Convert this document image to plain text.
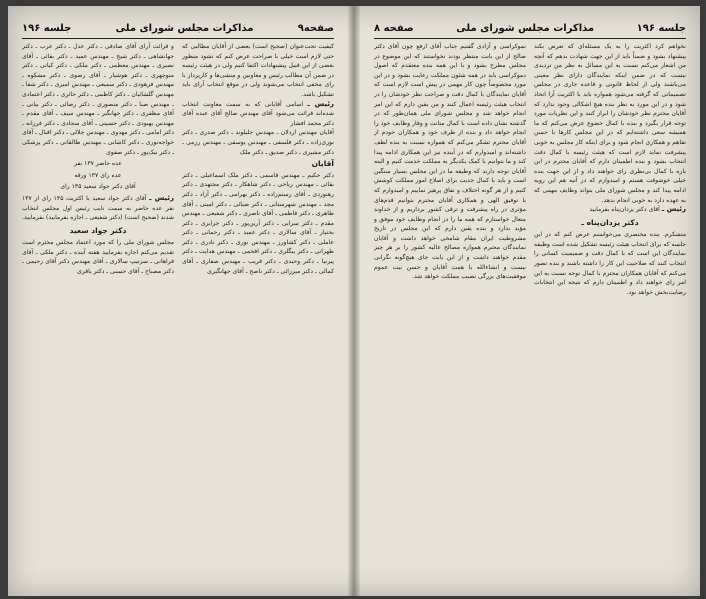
صفحه۹
مذاکرات مجلس شورای ملی
جلسه ۱۹۶

کیفیت تحت‌عنوان (صحیح است) بعضی از آقایان مطالبی که حتی لازم است خیلی با صراحت عرض کنم که نشود منظور بعضی از این قبیل پیشنهادات اکتفا کنیم ولی در هیئت رئیسه در ضمن آن مطالب رئیس و معاونین و منشی‌ها و کارپرداز با رای مخفی انتخاب می‌شوند ولی در موقع انتخاب آرای باید تشکیل باشد.

رئیس ـ اسامی آقایانی که به سمت معاونت انتخاب شده‌اند قرائت می‌شود آقای مهندس صالح آقای عبده آقای دکتر محمد افشار

آقایان مهندس اردلان ـ مهندس جلیلوند ـ دکتر صدری ـ دکتر نوری‌زاده ـ دکتر فلسفی ـ مهندس یوسفی ـ مهندس رزمی ـ دکتر مشیری ـ دکتر صدیق ـ دکتر ملک

آقایان

دکتر حکیم ـ مهندس قاسمی ـ دکتر ملک اسماعیلی ـ دکتر بقائی ـ مهندس ریاحی ـ دکتر شاهکار ـ دکتر مجتهدی ـ دکتر رهنوردی ـ آقای رستم‌زاده ـ دکتر بهرامی ـ دکتر آزاد ـ دکتر مجد ـ مهندس شهرستانی ـ دکتر ضیائی ـ دکتر امینی ـ آقای طاهری ـ دکتر فاطمی ـ آقای ناصری ـ دکتر شفیعی ـ مهندس مقدم ـ دکتر سرابی ـ دکتر آرین‌پور ـ دکتر جزایری ـ دکتر بختیار ـ آقای سالاری ـ دکتر عمید ـ دکتر رحمانی ـ دکتر عاملی ـ دکتر کشاورز ـ مهندس نوری ـ دکتر نادری ـ دکتر طهرانی ـ دکتر بیگلری ـ دکتر افخمی ـ مهندس هدایت ـ دکتر پیرنیا ـ دکتر وحیدی ـ دکتر قریب ـ مهندس صفاری ـ آقای کمالی ـ دکتر میرزائی ـ دکتر ناصح ـ آقای جهانگیری

و قرائت آرای آقای صادقی ـ دکتر عدل ـ دکتر عرب ـ دکتر جهانشاهی ـ دکتر شیخ ـ مهندس عمید ـ دکتر بقائی ـ آقای نصیری ـ مهندس معظمی ـ دکتر ملکی ـ دکتر کیانی ـ دکتر منوچهری ـ دکتر هوشیار ـ آقای رضوی ـ دکتر مشکوه ـ مهندس فرهودی ـ دکتر سمیعی ـ مهندس امیری ـ دکتر شفا ـ مهندس گلشائیان ـ دکتر کاظمی ـ دکتر حائری ـ دکتر اعتمادی ـ مهندس صبا ـ دکتر منصوری ـ دکتر رضائی ـ دکتر بیانی ـ آقای مظفری ـ دکتر جهانگیر ـ مهندس سیف ـ آقای مقدم ـ مهندس بهبودی ـ دکتر حسینی ـ آقای سجادی ـ دکتر فرزانه ـ دکتر امامی ـ دکتر مهدوی ـ مهندس جلالی ـ دکتر اقبال ـ آقای خواجه‌نوری ـ دکتر کاشانی ـ مهندس طالقانی ـ دکتر پزشکی ـ دکتر نیک‌پور ـ دکتر صفوی

عده حاضر ۱۳۷ نفر
عده رای ۱۳۷ ورقه
آقای دکتر جواد سعید ۱۳۵ رای

رئیس ـ آقای دکتر جواد سعید با اکثریت ۱۳۵ رای از ۱۳۷ نفر عده حاضر به سمت نایب رئیس اول مجلس انتخاب شدند (صحیح است) (دکتر شفیعی ـ اجازه بفرمایید) بفرمایید.

دکتر جواد سعید

مجلس شورای ملی را که مورد اعتماد مجلس محترم است تقدیم می‌کنم اجازه بفرمایید هفته آینده ـ دکتر ملکی ـ آقای فراهانی ـ سرتیپ سالاری ـ آقای مهندس دکتر آقای رحیمی ـ دکتر مصباح ـ آقای حسنی ـ دکتر باقری

جلسه ۱۹۶
مذاکرات مجلس شورای ملی
صفحه ۸

نخواهم کرد اکثریت را به یک مسئله‌ای که تعرض بکند پیشنهاد بشود و ضمناً باید از این جهت شهادت بدهم که آنچه من اشعار می‌کنم نسبت به این مسائل به نظر من تردیدی نیست که در ضمن اینکه نمایندگان دارای نظر معینی می‌باشند ولی از لحاظ قانونی و قاعده جاری در مجلس تصمیماتی که گرفته می‌شود همواره باید با اکثریت آرا اتخاذ شود و در این مورد به نظر بنده هیچ اشکالی وجود ندارد که آقایان محترم نظر خودشان را ابراز کنند و این نظریات مورد توجه قرار بگیرد و بنده با کمال خضوع عرض می‌کنم که ما همیشه سعی داشته‌ایم که در این مجلس کارها با حسن تفاهم و همکاری انجام شود و برای اینکه کار مجلس به خوبی پیشرفت نماید لازم است که هیئت رئیسه با کمال دقت انتخاب بشود و بنده اطمینان دارم که آقایان محترم در این باره با کمال بی‌نظری رای خواهند داد و از این جهت بنده خیلی خوشوقت هستم و امیدوارم که در آتیه هم این رویه ادامه پیدا کند و مجلس شورای ملی بتواند وظایف مهمی که به عهده دارد به خوبی انجام بدهد.

رئیس ـ آقای دکتر یزدان‌پناه بفرمایید

دکتر یزدان‌پناه ـ

متشکرم. بنده مختصری می‌خواستم عرض کنم که در این جلسه که برای انتخاب هیئت رئیسه تشکیل شده است وظیفه نمایندگان این است که با کمال دقت و صمیمیت کسانی را انتخاب کنند که صلاحیت این کار را داشته باشند و بنده تصور می‌کنم که آقایان همکاران محترم با کمال توجه نسبت به این امر رای خواهند داد و اطمینان دارم که نتیجه این انتخابات رضایت‌بخش خواهد بود.

نموکراسی و آزادی گفتیم جناب آقای ارفع چون آقای دکتر صالح از این بابت منتظر بودند نخواستند که این موضوع در مجلس مطرح بشود و با این همه بنده معتقدم که اصول دموکراسی باید در همه شئون مملکت رعایت بشود و در این مورد مخصوصاً چون کار مهمی در پیش است لازم است که آقایان نمایندگان با کمال دقت و صراحت نظر خودشان را در انتخاب هیئت رئیسه اعمال کنند و من یقین دارم که این امر انجام خواهد شد و مجلس شورای ملی همان‌طور که در گذشته نشان داده است با کمال متانت و وقار وظایف خود را انجام خواهد داد و بنده از طرف خود و همکاران خودم از آقایان محترم تشکر می‌کنم که همواره نسبت به بنده لطف داشته‌اند و امیدوارم که در آینده نیز این همکاری ادامه پیدا کند و ما بتوانیم با کمک یکدیگر به مملکت خدمت کنیم و البته آقایان توجه دارند که وظیفه ما در این مجلس بسیار سنگین است و باید با کمال جدیت برای اصلاح امور مملکت کوشش کنیم و از هر گونه اختلاف و نفاق پرهیز نماییم و امیدوارم که با توفیق الهی و همکاری آقایان محترم بتوانیم قدم‌های مؤثری در راه پیشرفت و ترقی کشور برداریم و از خداوند متعال خواستارم که همه ما را در انجام وظایف خود موفق و مؤید بدارد و بنده یقین دارم که این مجلس در تاریخ مشروطیت ایران مقام شامخی خواهد داشت و آقایان نمایندگان محترم همواره مصالح عالیه کشور را بر هر چیز مقدم خواهند داشت و از این بابت جای هیچ‌گونه نگرانی نیست و انشاءالله با همت آقایان و حسن نیت عموم موفقیت‌های بزرگی نصیب مملکت خواهد شد.
